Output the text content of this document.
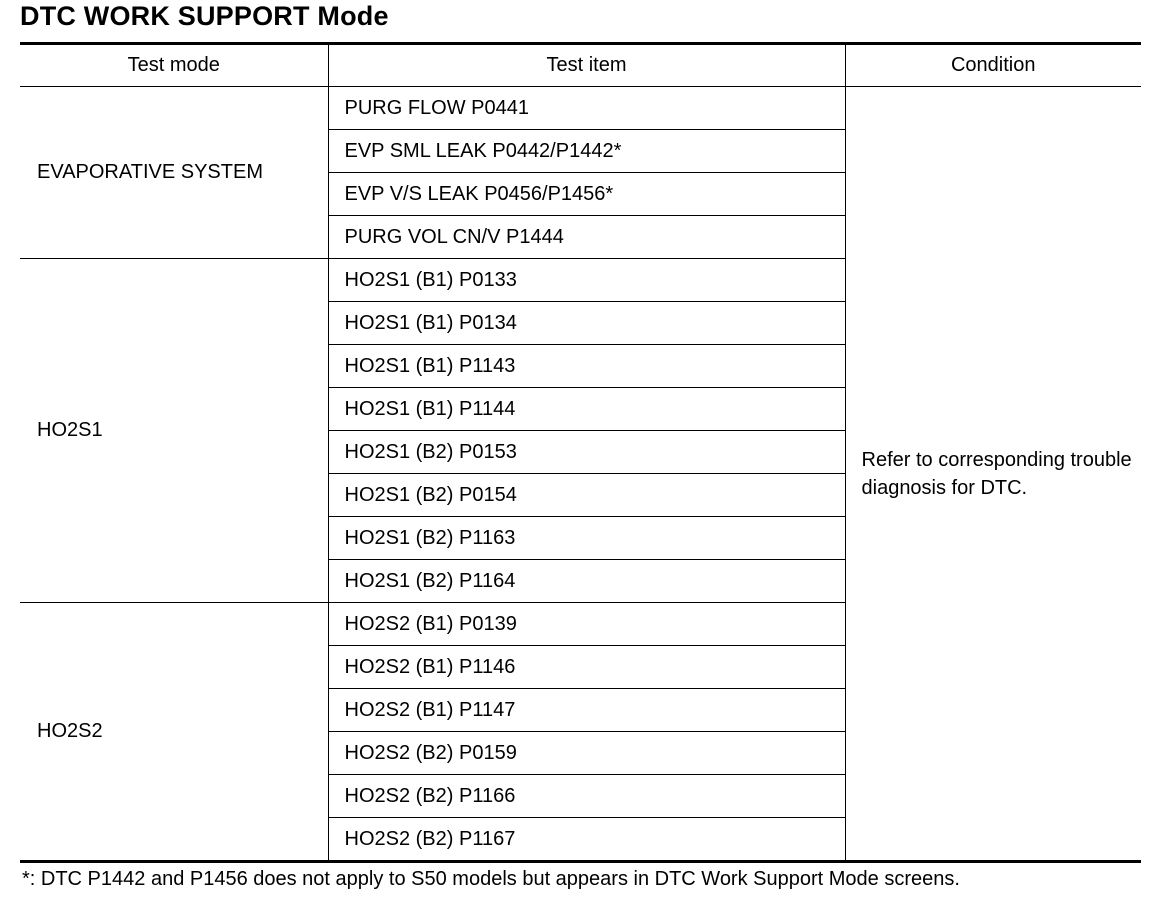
DTC WORK SUPPORT Mode
Test mode	Test item	Condition
EVAPORATIVE SYSTEM	PURG FLOW P0441	Refer to corresponding trouble diagnosis for DTC.
	EVP SML LEAK P0442/P1442*	
	EVP V/S LEAK P0456/P1456*	
	PURG VOL CN/V P1444	
HO2S1	HO2S1 (B1) P0133	
	HO2S1 (B1) P0134	
	HO2S1 (B1) P1143	
	HO2S1 (B1) P1144	
	HO2S1 (B2) P0153	
	HO2S1 (B2) P0154	
	HO2S1 (B2) P1163	
	HO2S1 (B2) P1164	
HO2S2	HO2S2 (B1) P0139	
	HO2S2 (B1) P1146	
	HO2S2 (B1) P1147	
	HO2S2 (B2) P0159	
	HO2S2 (B2) P1166	
	HO2S2 (B2) P1167	

*: DTC P1442 and P1456 does not apply to S50 models but appears in DTC Work Support Mode screens.
